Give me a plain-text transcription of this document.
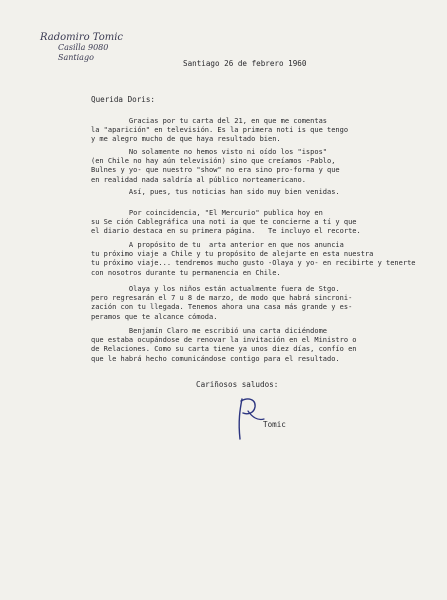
Radomiro Tomic
Casilla 9080
Santiago
Santiago 26 de febrero 1960
Querida Doris:
Gracias por tu carta del 21, en que me comentas
la "aparición" en televisión. Es la primera noti is que tengo
y me alegro mucho de que haya resultado bien.
No solamente no hemos visto ni oído los "ispos"
(en Chile no hay aún televisión) sino que creíamos -Pablo,
Bulnes y yo- que nuestro "show" no era sino pro-forma y que
en realidad nada saldría al público norteamericano.
Así, pues, tus noticias han sido muy bien venidas.
Por coincidencia, "El Mercurio" publica hoy en
su Se ción Cablegráfica una noti ia que te concierne a tí y que
el diario destaca en su primera página.   Te incluyo el recorte.
A propósito de tu  arta anterior en que nos anuncia
tu próximo viaje a Chile y tu propósito de alejarte en esta nuestra
tu próximo viaje... tendremos mucho gusto -Olaya y yo- en recibirte y tenerte
con nosotros durante tu permanencia en Chile.
Olaya y los niños están actualmente fuera de Stgo.
pero regresarán el 7 u 8 de marzo, de modo que habrá sincroni-
zación con tu llegada. Tenemos ahora una casa más grande y es-
peramos que te alcance cómoda.
Benjamín Claro me escribió una carta diciéndome
que estaba ocupándose de renovar la invitación en el Ministro o
de Relaciones. Como su carta tiene ya unos diez días, confío en
que le habrá hecho comunicándose contigo para el resultado.
Cariñosos saludos:
Tomic
